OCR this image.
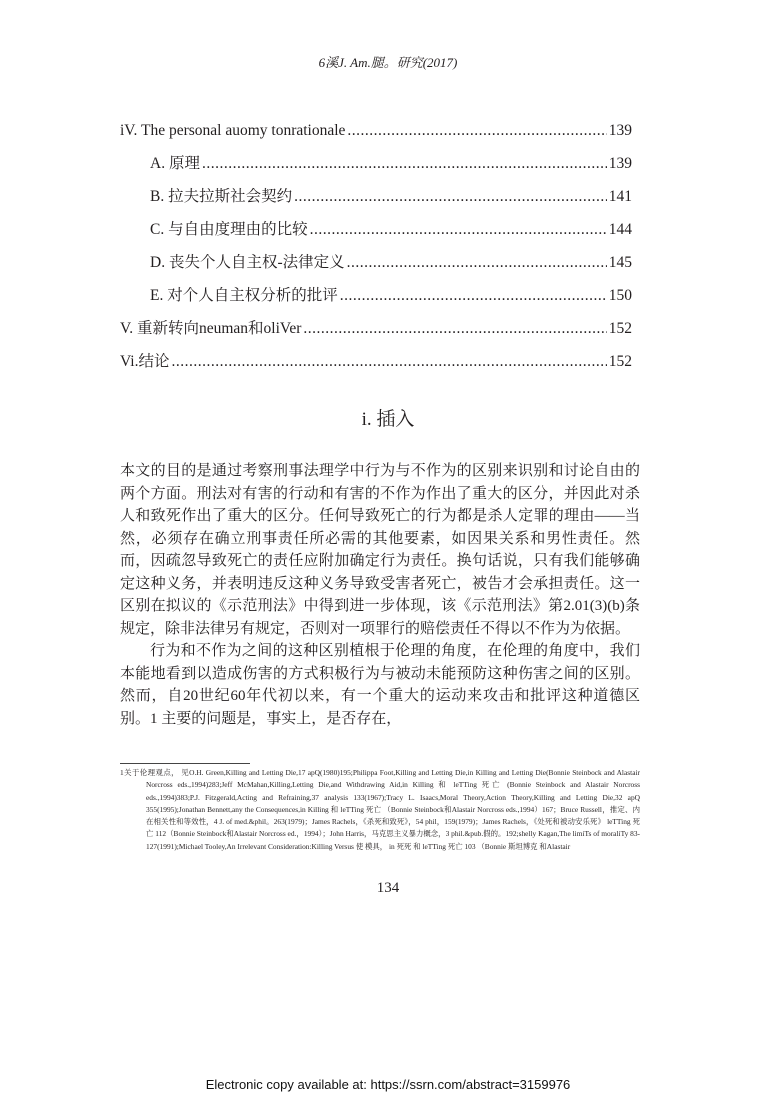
6溪J. Am.腿。研究(2017)
iV. The personal auomy tonrationale .....	139
A. 原理 .....	139
B. 拉夫拉斯社会契约 .....	141
C. 与自由度理由的比较 .....	144
D. 丧失个人自主权-法律定义 .....	145
E. 对个人自主权分析的批评 .....	150
V. 重新转向neuman和oliVer .....	152
Vi.结论 .....	152
i. 插入

本文的目的是通过考察刑事法理学中行为与不作为的区别来识别和讨论自由的两个方面。刑法对有害的行动和有害的不作为作出了重大的区分，并因此对杀人和致死作出了重大的区分。任何导致死亡的行为都是杀人定罪的理由——当然，必须存在确立刑事责任所必需的其他要素，如因果关系和男性责任。然而，因疏忽导致死亡的责任应附加确定行为责任。换句话说，只有我们能够确定这种义务，并表明违反这种义务导致受害者死亡，被告才会承担责任。这一区别在拟议的《示范刑法》中得到进一步体现，该《示范刑法》第2.01(3)(b)条规定，除非法律另有规定，否则对一项罪行的赔偿责任不得以不作为为依据。

行为和不作为之间的这种区别植根于伦理的角度，在伦理的角度中，我们本能地看到以造成伤害的方式积极行为与被动未能预防这种伤害之间的区别。然而，自20世纪60年代初以来，有一个重大的运动来攻击和批评这种道德区别。1 主要的问题是，事实上，是否存在，

1关于伦理观点， 见O.H. Green,Killing and Letting Die,17 apQ(1980)195;Philippa Foot,Killing and Letting Die,in Killing and Letting Die(Bonnie Steinbock and Alastair Norcross eds.,1994)283;Jeff McMahan,Killing,Letting Die,and Withdrawing Aid,in Killing 和 leTTing 死亡 (Bonnie Steinbock and Alastair Norcross eds.,1994)383;P.J. Fitzgerald,Acting and Refraining,37 analysis 133(1967);Tracy L. Isaacs,Moral Theory,Action Theory,Killing and Letting Die,32 apQ 355(1995);Jonathan Bennett,any the Consequences,in Killing 和 leTTing 死亡 （Bonnie Steinbock和Alastair Norcross eds.,1994）167；Bruce Russell，推定、内在相关性和等效性，4 J. of med.&phil。263(1979)；James Rachels，《杀死和致死》，54 phil，159(1979)；James Rachels，《处死和被动安乐死》 leTTing 死亡 112（Bonnie Steinbock和Alastair Norcross ed.，1994）；John Harris，马克思主义暴力概念，3 phil.&pub.假的。192;shelly Kagan,The limiTs of moraliTy 83-127(1991);Michael Tooley,An Irrelevant Consideration:Killing Versus 使 模具， in 死死 和 leTTing 死亡 103 （Bonnie 斯坦博克 和Alastair
134
Electronic copy available at: https://ssrn.com/abstract=3159976
